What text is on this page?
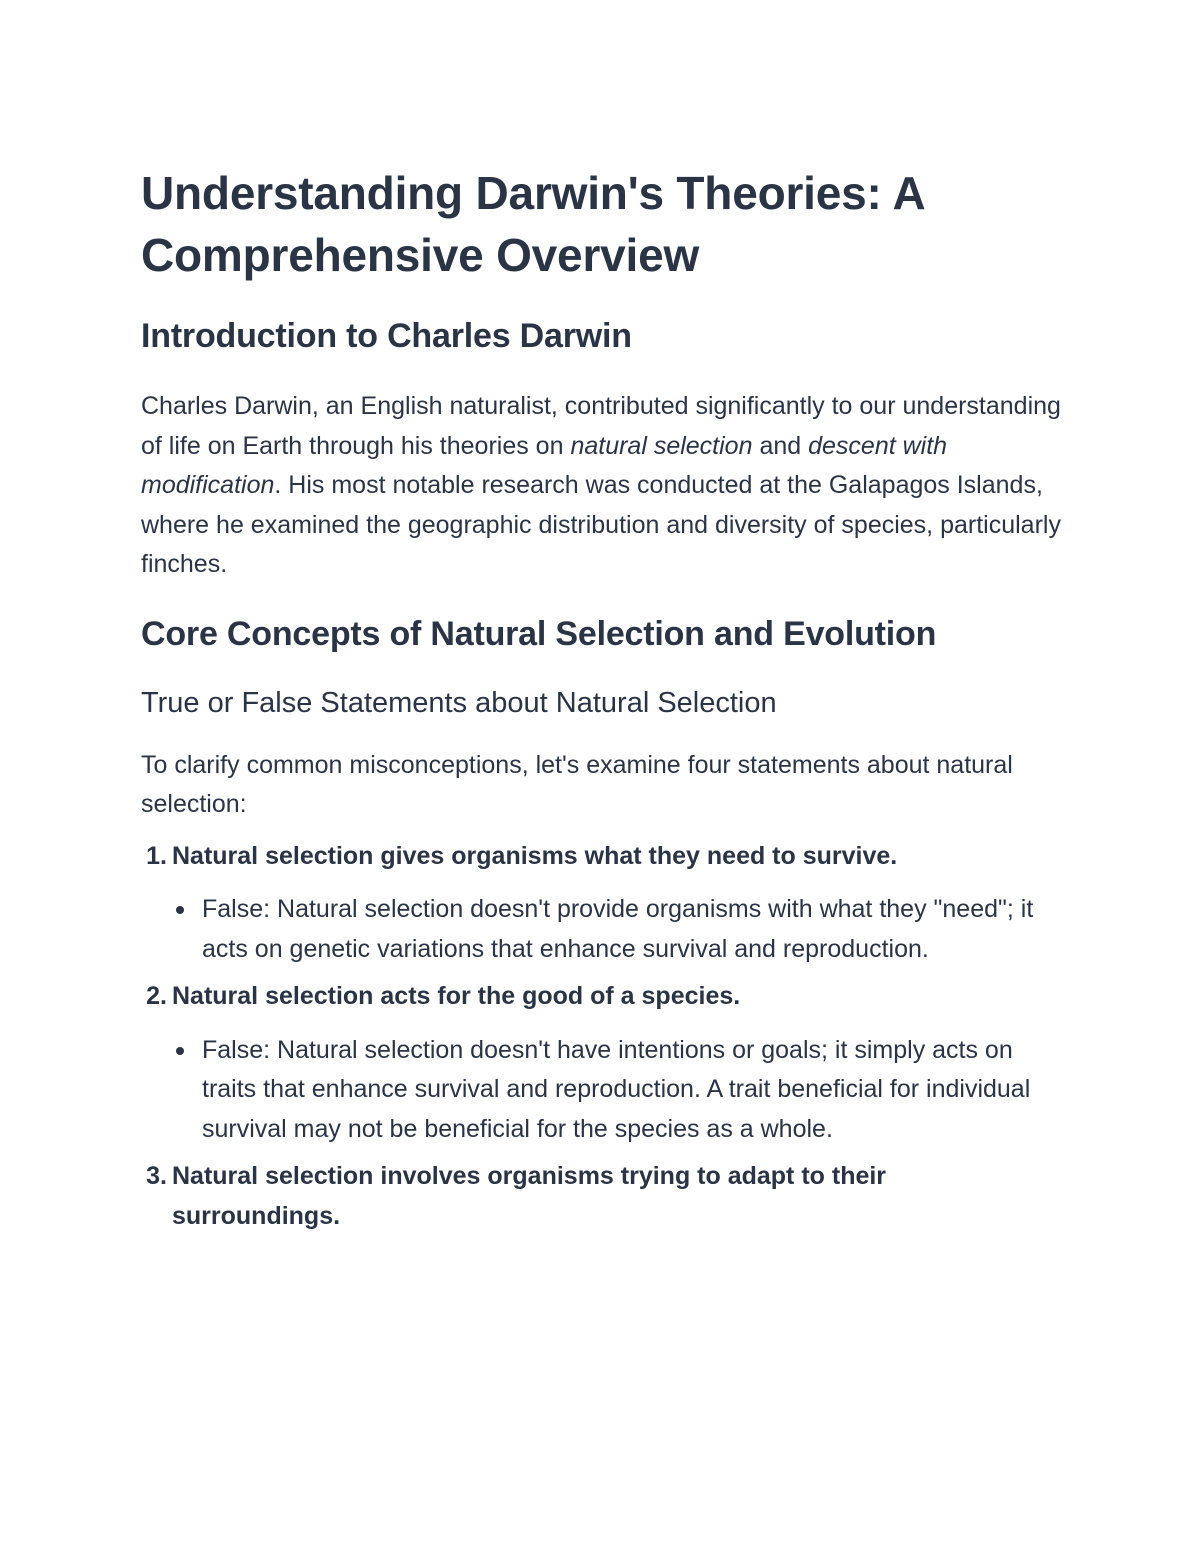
Understanding Darwin's Theories: A Comprehensive Overview
Introduction to Charles Darwin

Charles Darwin, an English naturalist, contributed significantly to our understanding of life on Earth through his theories on natural selection and descent with modification. His most notable research was conducted at the Galapagos Islands, where he examined the geographic distribution and diversity of species, particularly finches.

Core Concepts of Natural Selection and Evolution
True or False Statements about Natural Selection

To clarify common misconceptions, let's examine four statements about natural selection:

1. Natural selection gives organisms what they need to survive.
False: Natural selection doesn't provide organisms with what they "need"; it acts on genetic variations that enhance survival and reproduction.
2. Natural selection acts for the good of a species.
False: Natural selection doesn't have intentions or goals; it simply acts on traits that enhance survival and reproduction. A trait beneficial for individual survival may not be beneficial for the species as a whole.
3. Natural selection involves organisms trying to adapt to their surroundings.
